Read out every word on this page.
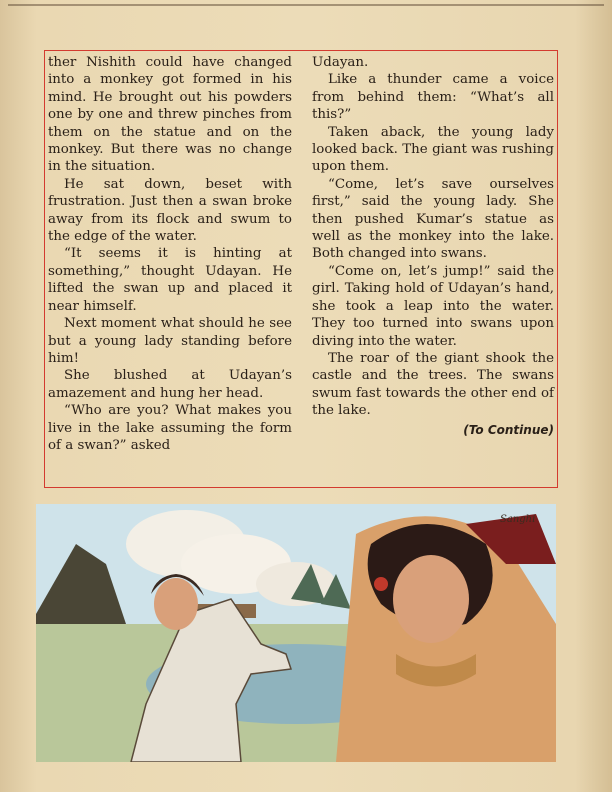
ther Nishith could have changed into a monkey got formed in his mind. He brought out his powders one by one and threw pinches from them on the statue and on the monkey. But there was no change in the situation.

He sat down, beset with frustration. Just then a swan broke away from its flock and swum to the edge of the water.

“It seems it is hinting at something,” thought Udayan. He lifted the swan up and placed it near himself.

Next moment what should he see but a young lady standing before him!

She blushed at Udayan’s amazement and hung her head.

“Who are you? What makes you live in the lake assuming the form of a swan?” asked

Udayan.

Like a thunder came a voice from behind them: “What’s all this?”

Taken aback, the young lady looked back. The giant was rushing upon them.

“Come, let’s save ourselves first,” said the young lady. She then pushed Kumar’s statue as well as the monkey into the lake. Both changed into swans.

“Come on, let’s jump!” said the girl. Taking hold of Udayan’s hand, she took a leap into the water. They too turned into swans upon diving into the water.

The roar of the giant shook the castle and the trees. The swans swum fast towards the other end of the lake.

(To Continue)
Sanghi
